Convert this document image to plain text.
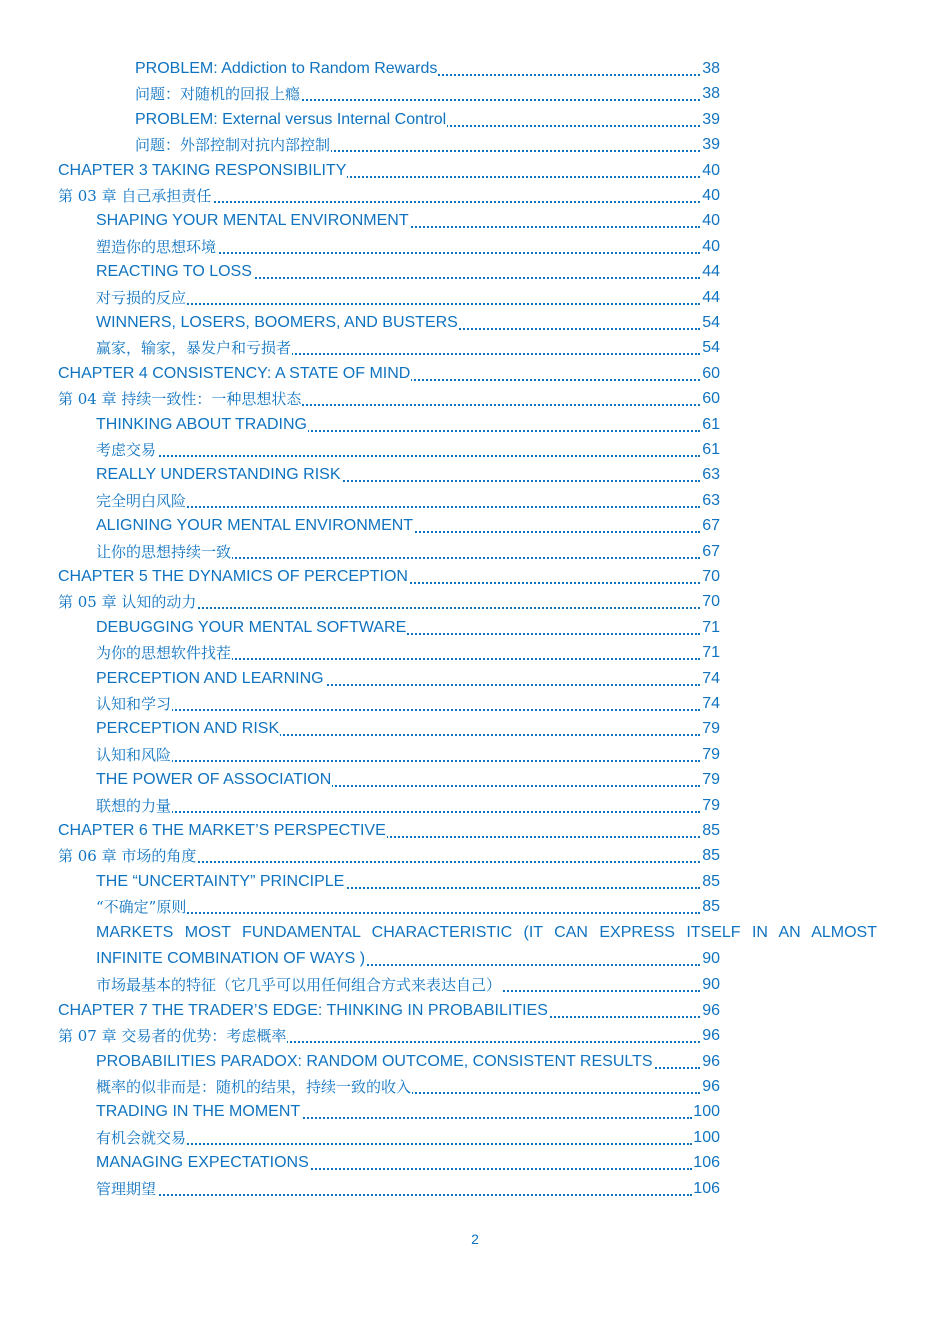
PROBLEM: Addiction to Random Rewards	38
问题：对随机的回报上瘾	38
PROBLEM: External versus Internal Control	39
问题：外部控制对抗内部控制	39
CHAPTER 3 TAKING RESPONSIBILITY	40
第 03 章 自己承担责任	40
SHAPING YOUR MENTAL ENVIRONMENT	40
塑造你的思想环境	40
REACTING TO LOSS	44
对亏损的反应	44
WINNERS, LOSERS, BOOMERS, AND BUSTERS	54
赢家，输家，暴发户和亏损者	54
CHAPTER 4 CONSISTENCY: A STATE OF MIND	60
第 04 章 持续一致性：一种思想状态	60
THINKING ABOUT TRADING	61
考虑交易	61
REALLY UNDERSTANDING RISK	63
完全明白风险	63
ALIGNING YOUR MENTAL ENVIRONMENT	67
让你的思想持续一致	67
CHAPTER 5 THE DYNAMICS OF PERCEPTION	70
第 05 章 认知的动力	70
DEBUGGING YOUR MENTAL SOFTWARE	71
为你的思想软件找茬	71
PERCEPTION AND LEARNING	74
认知和学习	74
PERCEPTION AND RISK	79
认知和风险	79
THE POWER OF ASSOCIATION	79
联想的力量	79
CHAPTER 6 THE MARKET’S PERSPECTIVE	85
第 06 章 市场的角度	85
THE “UNCERTAINTY” PRINCIPLE	85
“不确定”原则	85
MARKETS MOST FUNDAMENTAL CHARACTERISTIC (IT CAN EXPRESS ITSELF IN AN ALMOST
INFINITE COMBINATION OF WAYS )	90
市场最基本的特征（它几乎可以用任何组合方式来表达自己）	90
CHAPTER 7 THE TRADER’S EDGE: THINKING IN PROBABILITIES	96
第 07 章 交易者的优势：考虑概率	96
PROBABILITIES PARADOX: RANDOM OUTCOME, CONSISTENT RESULTS	96
概率的似非而是：随机的结果，持续一致的收入	96
TRADING IN THE MOMENT	100
有机会就交易	100
MANAGING EXPECTATIONS	106
管理期望	106
2
